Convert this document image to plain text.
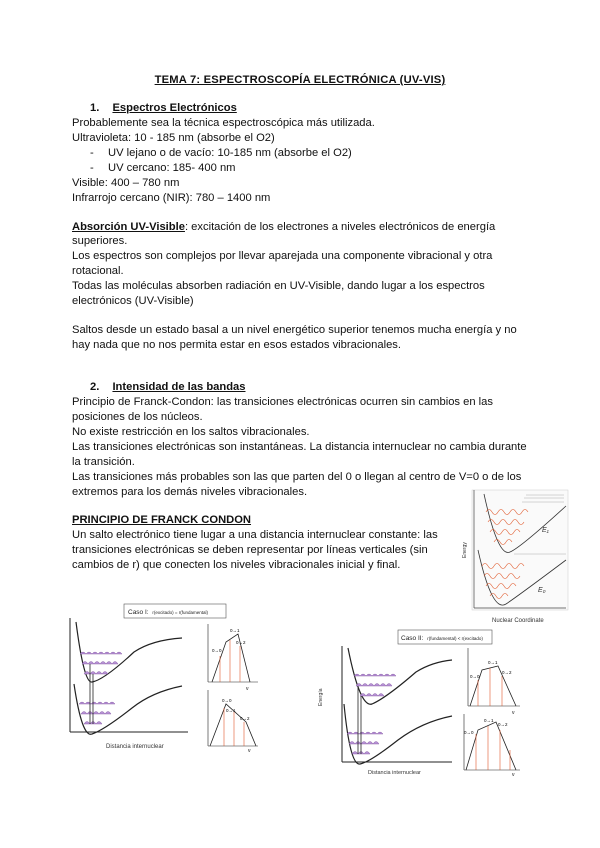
TEMA 7: ESPECTROSCOPÍA ELECTRÓNICA (UV-VIS)
1. Espectros Electrónicos
Probablemente sea la técnica espectroscópica más utilizada.
Ultravioleta: 10 - 185 nm (absorbe el O2)
- UV lejano o de vacío: 10-185 nm (absorbe el O2)
- UV cercano: 185- 400 nm
Visible: 400 – 780 nm
Infrarrojo cercano (NIR): 780 – 1400 nm
Absorción UV-Visible: excitación de los electrones a niveles electrónicos de energía
superiores.
Los espectros son complejos por llevar aparejada una componente vibracional y otra
rotacional.
Todas las moléculas absorben radiación en UV-Visible, dando lugar a los espectros
electrónicos (UV-Visible)
Saltos desde un estado basal a un nivel energético superior tenemos mucha energía y no
hay nada que no nos permita estar en esos estados vibracionales.
2. Intensidad de las bandas
Principio de Franck-Condon: las transiciones electrónicas ocurren sin cambios en las
posiciones de los núcleos.
No existe restricción en los saltos vibracionales.
Las transiciones electrónicas son instantáneas. La distancia internuclear no cambia durante
la transición.
Las transiciones más probables son las que parten del 0 o llegan al centro de V=0 o de los
extremos para los demás niveles vibracionales.
PRINCIPIO DE FRANCK CONDON
Un salto electrónico tiene lugar a una distancia internuclear constante: las
transiciones electrónicas se deben representar por líneas verticales (sin
cambios de r) que conecten los niveles vibracionales inicial y final.
E₁
E₀
Energy
Nuclear Coordinate
Caso I: r(excitado) = r(fundamental)
Distancia internuclear
0→0
0→1
0→2
ν
0→0
0→1
0→2
ν
Caso II: r(fundamental) < r(excitado)
Energía
Distancia internuclear
0→0
0→1
0→2
ν
0→0
0→1
0→2
ν
